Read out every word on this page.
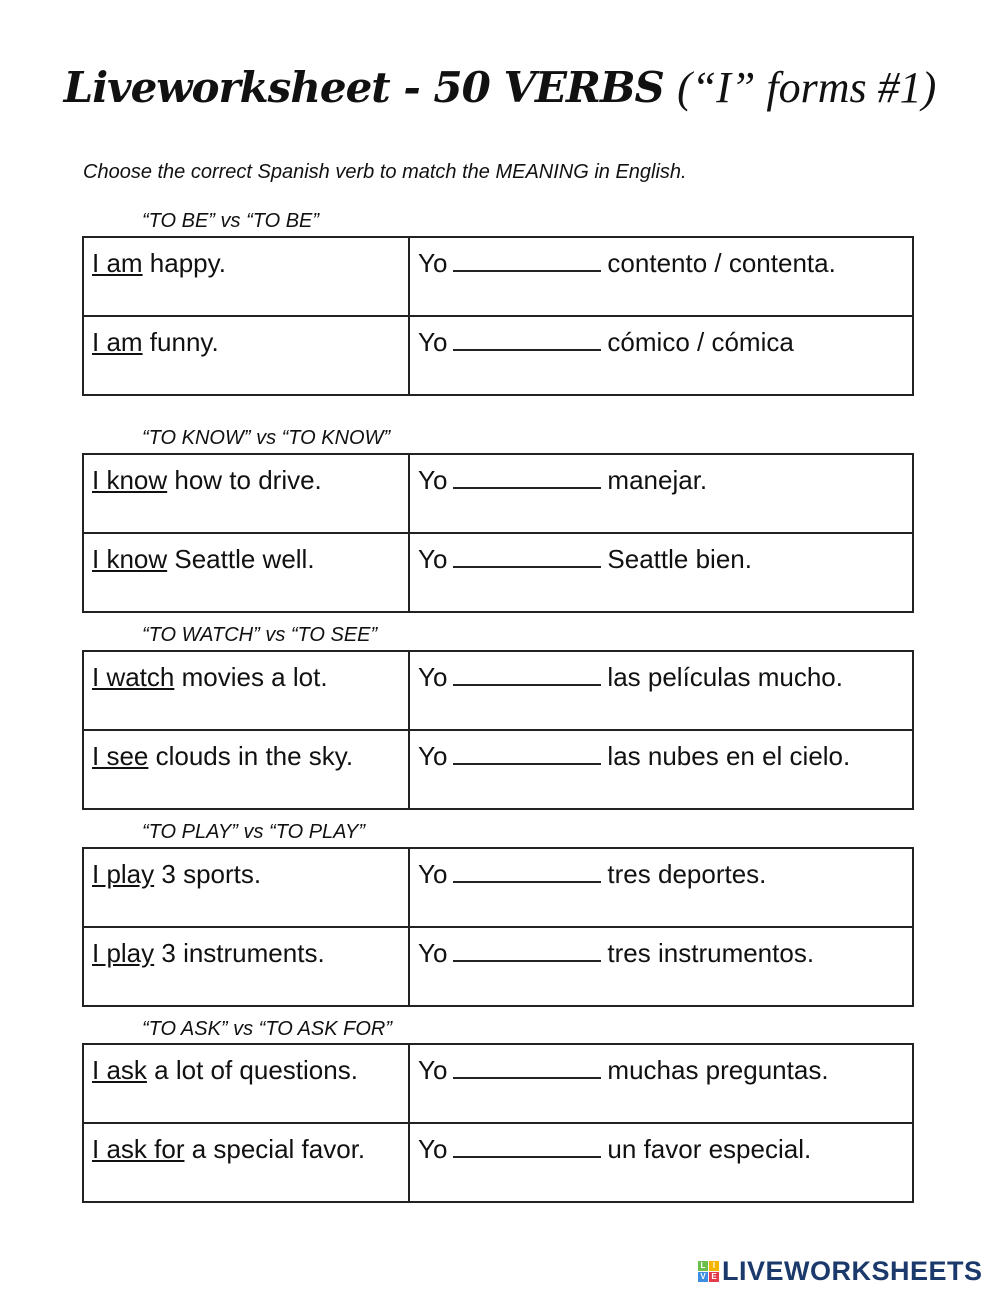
Liveworksheet - 50 VERBS (“I” forms #1)
Choose the correct Spanish verb to match the MEANING in English.
“TO BE” vs “TO BE”
I am happy.	Yo contento / contenta.
I am funny.	Yo cómico / cómica
“TO KNOW” vs “TO KNOW”
I know how to drive.	Yo manejar.
I know Seattle well.	Yo Seattle bien.
“TO WATCH” vs “TO SEE”
I watch movies a lot.	Yo las películas mucho.
I see clouds in the sky.	Yo las nubes en el cielo.
“TO PLAY” vs “TO PLAY”
I play 3 sports.	Yo tres deportes.
I play 3 instruments.	Yo tres instrumentos.
“TO ASK” vs “TO ASK FOR”
I ask a lot of questions.	Yo muchas preguntas.
I ask for a special favor.	Yo un favor especial.
L I
V E LIVEWORKSHEETS
